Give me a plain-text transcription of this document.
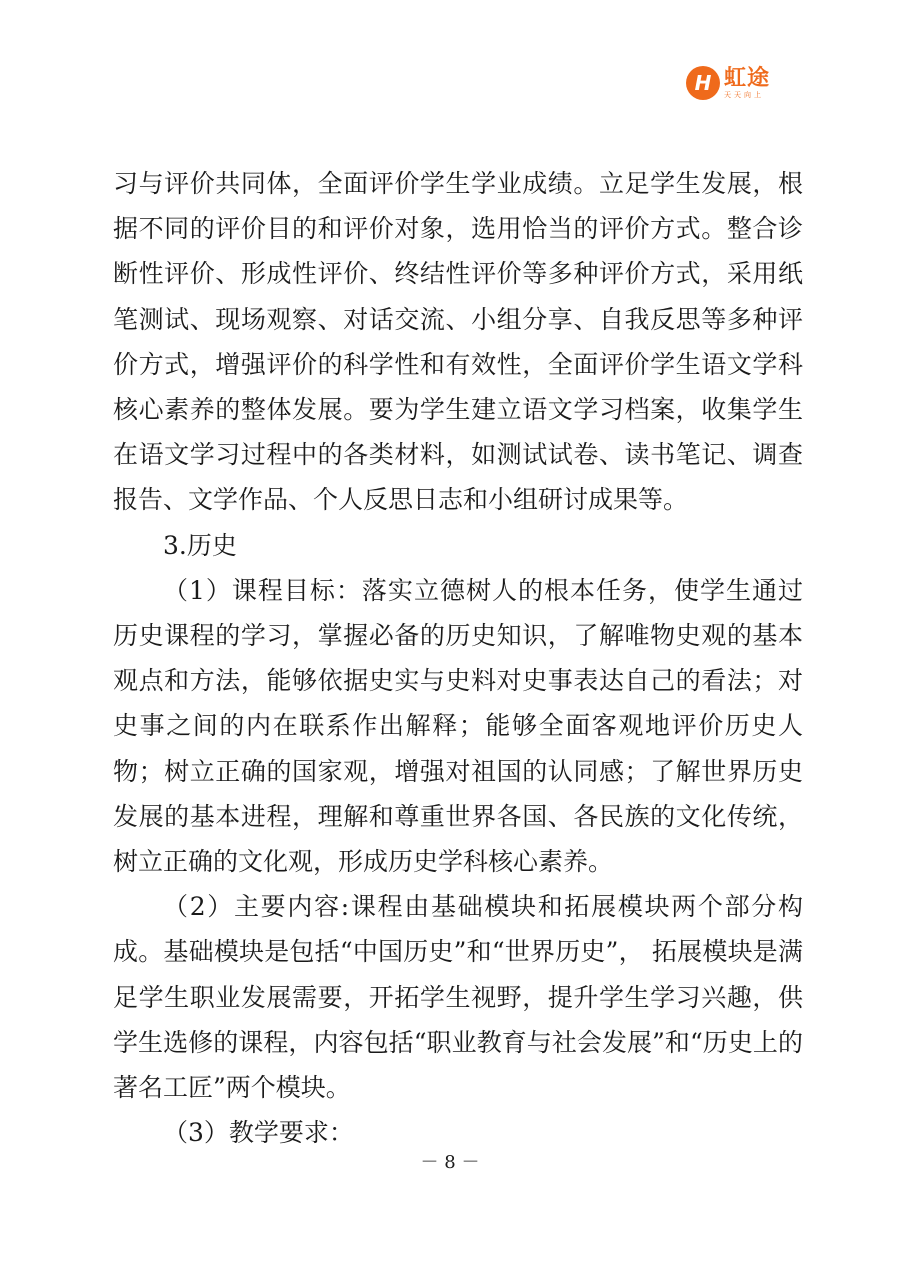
H 虹途
天天向上

习与评价共同体，全面评价学生学业成绩。立足学生发展，根据不同的评价目的和评价对象，选用恰当的评价方式。整合诊断性评价、形成性评价、终结性评价等多种评价方式，采用纸笔测试、现场观察、对话交流、小组分享、自我反思等多种评价方式，增强评价的科学性和有效性，全面评价学生语文学科核心素养的整体发展。要为学生建立语文学习档案，收集学生在语文学习过程中的各类材料，如测试试卷、读书笔记、调查报告、文学作品、个人反思日志和小组研讨成果等。

3.历史

（1）课程目标：落实立德树人的根本任务，使学生通过历史课程的学习，掌握必备的历史知识，了解唯物史观的基本观点和方法，能够依据史实与史料对史事表达自己的看法；对史事之间的内在联系作出解释；能够全面客观地评价历史人物；树立正确的国家观，增强对祖国的认同感；了解世界历史发展的基本进程，理解和尊重世界各国、各民族的文化传统，树立正确的文化观，形成历史学科核心素养。

（2）主要内容:课程由基础模块和拓展模块两个部分构成。基础模块是包括“中国历史”和“世界历史”， 拓展模块是满足学生职业发展需要，开拓学生视野，提升学生学习兴趣，供学生选修的课程，内容包括“职业教育与社会发展”和“历史上的著名工匠”两个模块。

（3）教学要求：

－ 8 －
